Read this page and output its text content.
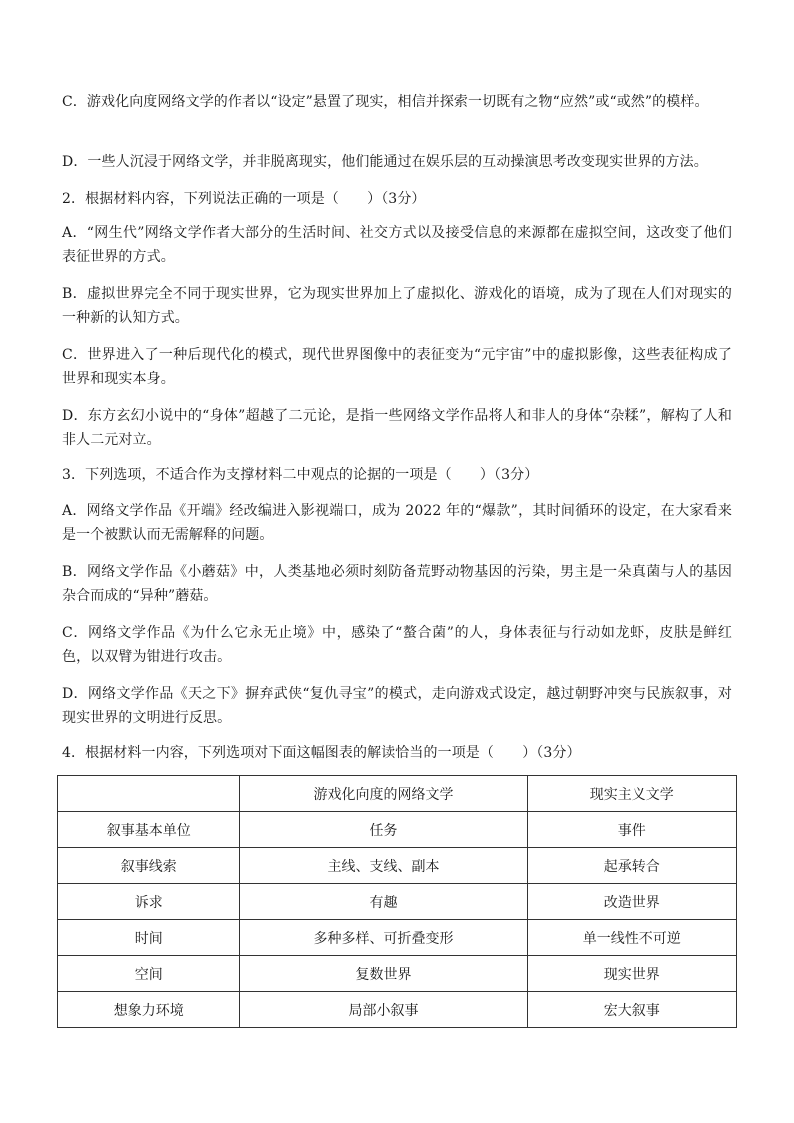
C．游戏化向度网络文学的作者以“设定”悬置了现实，相信并探索一切既有之物“应然”或“或然”的模样。

D．一些人沉浸于网络文学，并非脱离现实，他们能通过在娱乐层的互动操演思考改变现实世界的方法。

2．根据材料内容，下列说法正确的一项是（　　）（3分）

A．“网生代”网络文学作者大部分的生活时间、社交方式以及接受信息的来源都在虚拟空间，这改变了他们表征世界的方式。

B．虚拟世界完全不同于现实世界，它为现实世界加上了虚拟化、游戏化的语境，成为了现在人们对现实的一种新的认知方式。

C．世界进入了一种后现代化的模式，现代世界图像中的表征变为“元宇宙”中的虚拟影像，这些表征构成了世界和现实本身。

D．东方玄幻小说中的“身体”超越了二元论，是指一些网络文学作品将人和非人的身体“杂糅”，解构了人和非人二元对立。

3．下列选项，不适合作为支撑材料二中观点的论据的一项是（　　）（3分）

A．网络文学作品《开端》经改编进入影视端口，成为 2022 年的“爆款”，其时间循环的设定，在大家看来是一个被默认而无需解释的问题。

B．网络文学作品《小蘑菇》中，人类基地必须时刻防备荒野动物基因的污染，男主是一朵真菌与人的基因杂合而成的“异种”蘑菇。

C．网络文学作品《为什么它永无止境》中，感染了“螯合菌”的人，身体表征与行动如龙虾，皮肤是鲜红色，以双臂为钳进行攻击。

D．网络文学作品《天之下》摒弃武侠“复仇寻宝”的模式，走向游戏式设定，越过朝野冲突与民族叙事，对现实世界的文明进行反思。

4．根据材料一内容，下列选项对下面这幅图表的解读恰当的一项是（　　）（3分）

	游戏化向度的网络文学	现实主义文学
叙事基本单位	任务	事件
叙事线索	主线、支线、副本	起承转合
诉求	有趣	改造世界
时间	多种多样、可折叠变形	单一线性不可逆
空间	复数世界	现实世界
想象力环境	局部小叙事	宏大叙事
